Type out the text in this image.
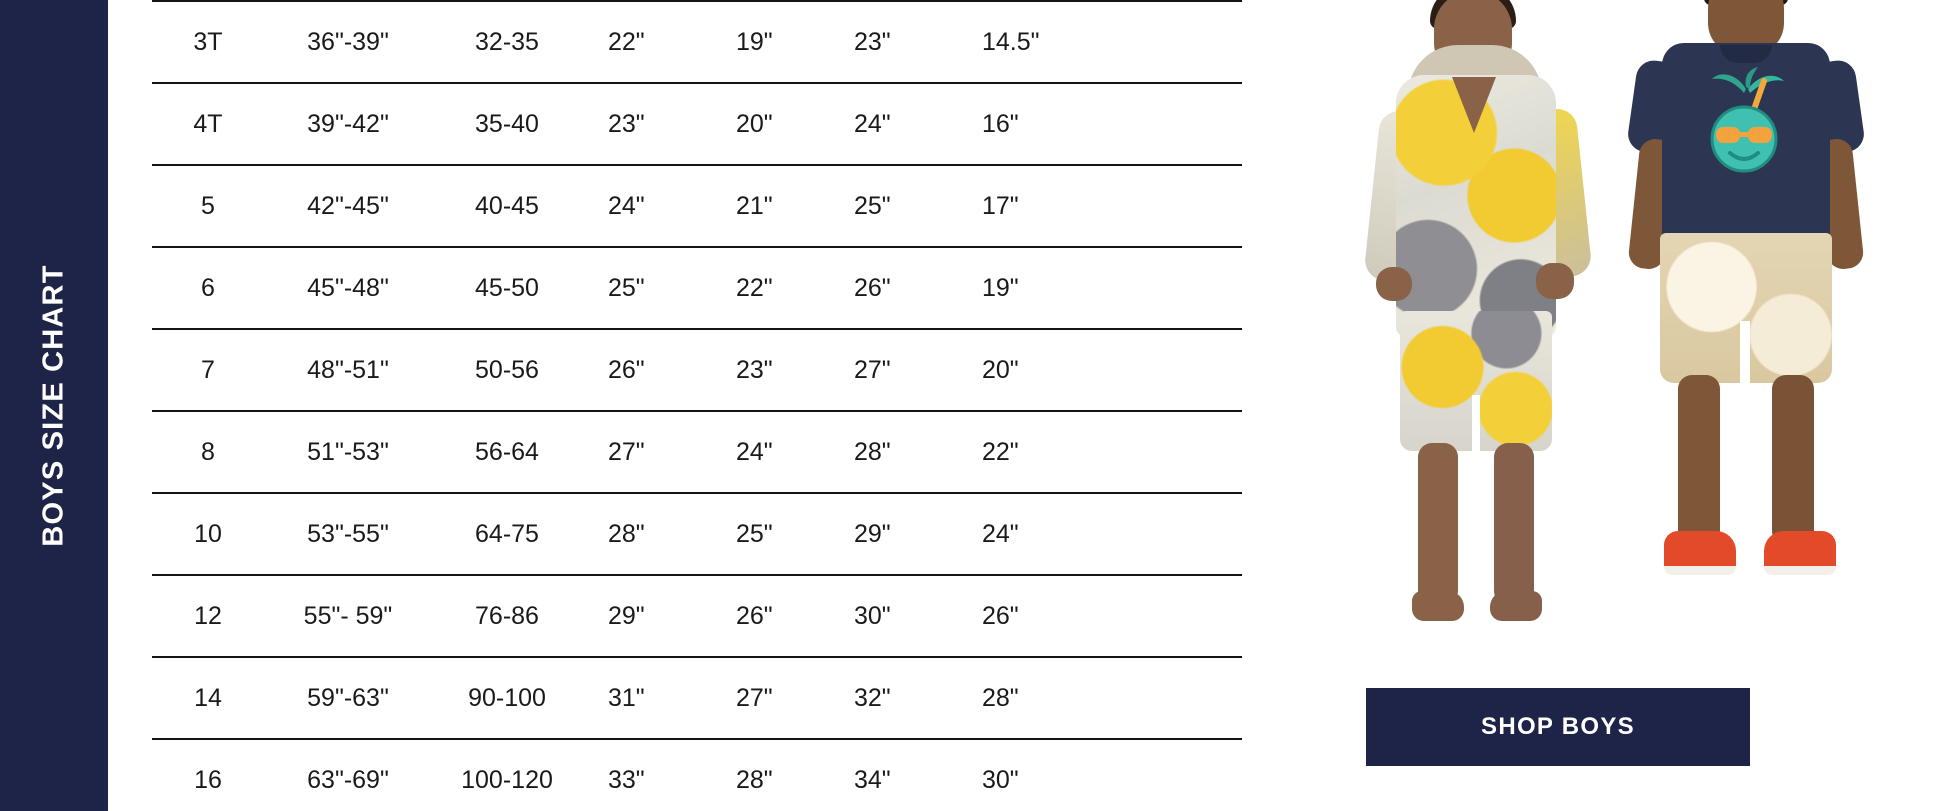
BOYS SIZE CHART
3T	36"-39"	32-35	22"	19"	23"	14.5"	
4T	39"-42"	35-40	23"	20"	24"	16"	
5	42"-45"	40-45	24"	21"	25"	17"	
6	45"-48"	45-50	25"	22"	26"	19"	
7	48"-51"	50-56	26"	23"	27"	20"	
8	51"-53"	56-64	27"	24"	28"	22"	
10	53"-55"	64-75	28"	25"	29"	24"	
12	55"- 59"	76-86	29"	26"	30"	26"	
14	59"-63"	90-100	31"	27"	32"	28"	
16	63"-69"	100-120	33"	28"	34"	30"	
SHOP BOYS
